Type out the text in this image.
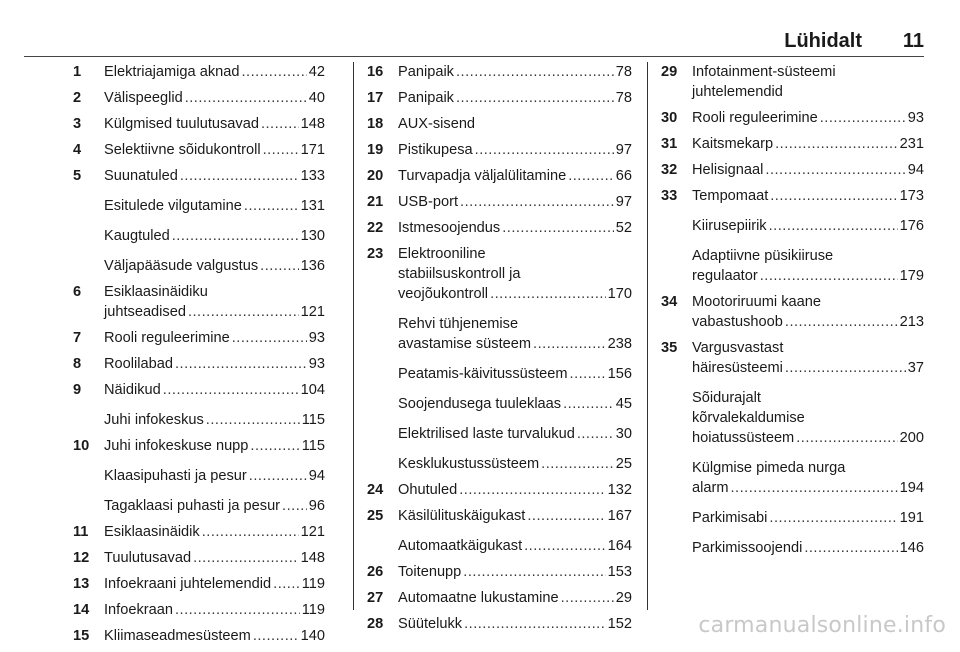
Lühidalt 11
1	Elektriajamiga aknad .....	42
2	Välispeeglid .....	40
3	Külgmised tuulutusavad .....	148
4	Selektiivne sõidukontroll .....	171
5	Suunatuled .....	133
Esitulede vilgutamine .....	131
Kaugtuled .....	130
Väljapääsude valgustus .....	136
6	Esiklaasinäidiku
juhtseadised .....	121
7	Rooli reguleerimine .....	93
8	Roolilabad .....	93
9	Näidikud .....	104
Juhi infokeskus .....	115
10	Juhi infokeskuse nupp .....	115
Klaasipuhasti ja pesur .....	94
Tagaklaasi puhasti ja pesur ..... 96
11	Esiklaasinäidik .....	121
12	Tuulutusavad .....	148
13	Infoekraani juhtelemendid ..... 119
14	Infoekraan .....	119
15	Kliimaseadmesüsteem .....	140
16	Panipaik .....	78
17	Panipaik .....	78
18	AUX-sisend
19	Pistikupesa .....	97
20	Turvapadja väljalülitamine .....	66
21	USB-port .....	97
22	Istmesoojendus .....	52
23	Elektrooniline
stabiilsuskontroll ja
veojõukontroll .....	170
Rehvi tühjenemise
avastamise süsteem .....	238
Peatamis-käivitussüsteem .....	156
Soojendusega tuuleklaas .....	45
Elektrilised laste turvalukud .....	30
Kesklukustussüsteem .....	25
24	Ohutuled .....	132
25	Käsilülituskäigukast .....	167
Automaatkäigukast .....	164
26	Toitenupp .....	153
27	Automaatne lukustamine .....	29
28	Süütelukk .....	152
29	Infotainment-süsteemi
juhtelemendid
30	Rooli reguleerimine .....	93
31	Kaitsmekarp .....	231
32	Helisignaal .....	94
33	Tempomaat .....	173
Kiirusepiirik .....	176
Adaptiivne püsikiiruse
regulaator .....	179
34	Mootoriruumi kaane
vabastushoob .....	213
35	Vargusvastast
häiresüsteemi .....	37
Sõidurajalt
kõrvalekaldumise
hoiatussüsteem .....	200
Külgmise pimeda nurga
alarm .....	194
Parkimisabi .....	191
Parkimissoojendi .....	146
carmanualsonline.info
